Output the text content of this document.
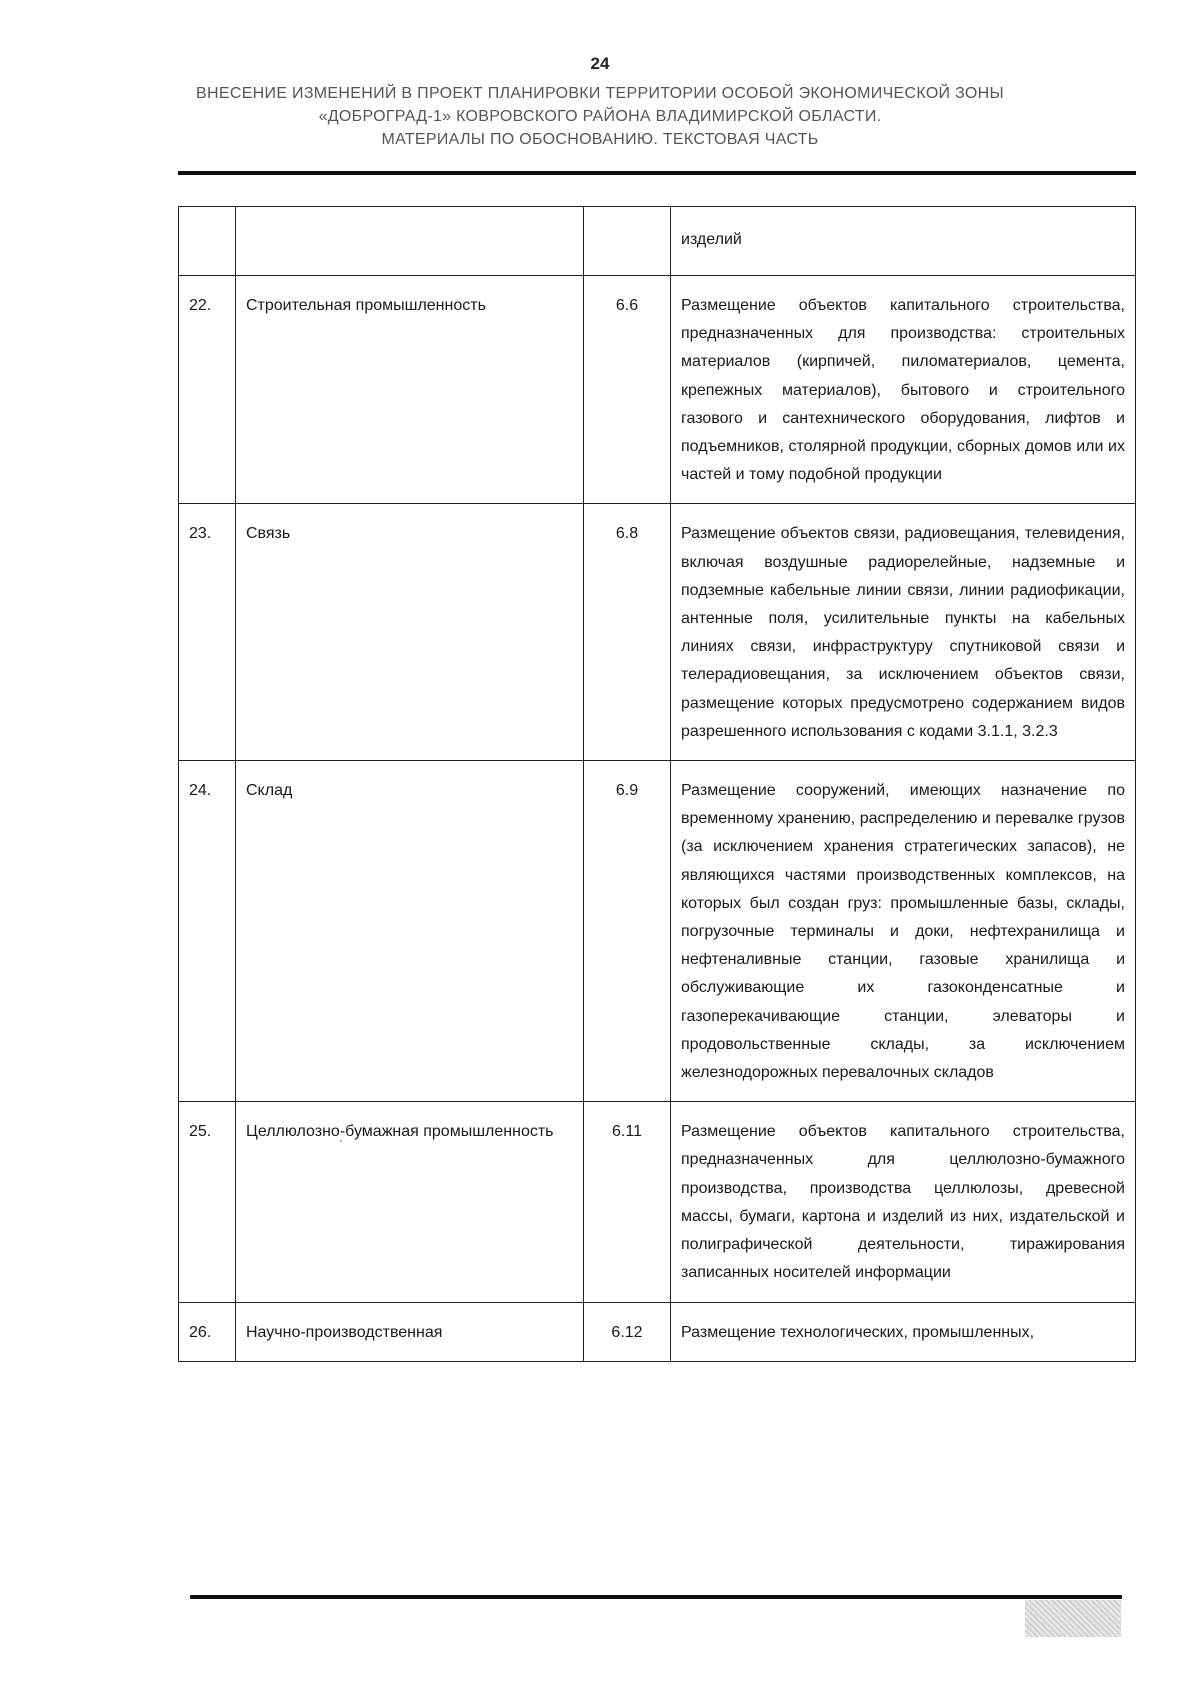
24
ВНЕСЕНИЕ ИЗМЕНЕНИЙ В ПРОЕКТ ПЛАНИРОВКИ ТЕРРИТОРИИ ОСОБОЙ ЭКОНОМИЧЕСКОЙ ЗОНЫ
«ДОБРОГРАД-1» КОВРОВСКОГО РАЙОНА ВЛАДИМИРСКОЙ ОБЛАСТИ.
МАТЕРИАЛЫ ПО ОБОСНОВАНИЮ. ТЕКСТОВАЯ ЧАСТЬ
			изделий
22.	Строительная промышленность	6.6	Размещение объектов капитального строительства, предназначенных для производства: строительных материалов (кирпичей, пиломатериалов, цемента, крепежных материалов), бытового и строительного газового и сантехнического оборудования, лифтов и подъемников, столярной продукции, сборных домов или их частей и тому подобной продукции
23.	Связь	6.8	Размещение объектов связи, радиовещания, телевидения, включая воздушные радиорелейные, надземные и подземные кабельные линии связи, линии радиофикации, антенные поля, усилительные пункты на кабельных линиях связи, инфраструктуру спутниковой связи и телерадиовещания, за исключением объектов связи, размещение которых предусмотрено содержанием видов разрешенного использования с кодами 3.1.1, 3.2.3
24.	Склад	6.9	Размещение сооружений, имеющих назначение по временному хранению, распределению и перевалке грузов (за исключением хранения стратегических запасов), не являющихся частями производственных комплексов, на которых был создан груз: промышленные базы, склады, погрузочные терминалы и доки, нефтехранилища и нефтеналивные станции, газовые хранилища и обслуживающие их газоконденсатные и газоперекачивающие станции, элеваторы и продовольственные склады, за исключением железнодорожных перевалочных складов
25.	Целлюлозно-бумажная промышленность	6.11	Размещение объектов капитального строительства, предназначенных для целлюлозно-бумажного производства, производства целлюлозы, древесной массы, бумаги, картона и изделий из них, издательской и полиграфической деятельности, тиражирования записанных носителей информации
26.	Научно-производственная	6.12	Размещение технологических, промышленных,
